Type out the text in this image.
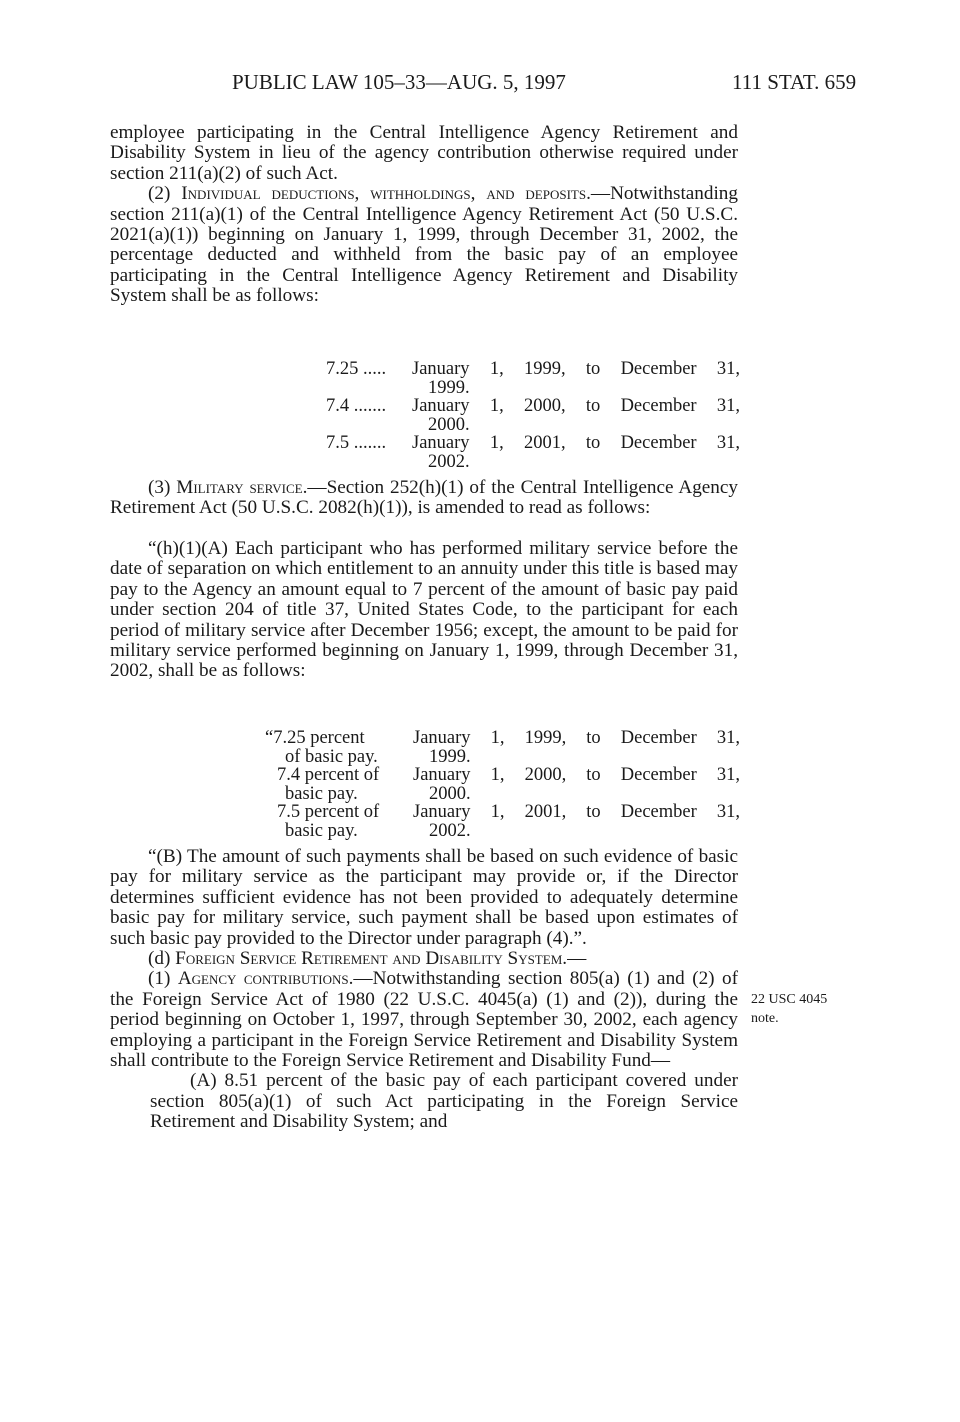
PUBLIC LAW 105–33—AUG. 5, 1997	111 STAT. 659

employee participating in the Central Intelligence Agency Retirement and Disability System in lieu of the agency contribution otherwise required under section 211(a)(2) of such Act.

(2) Individual deductions, withholdings, and deposits.—Notwithstanding section 211(a)(1) of the Central Intelligence Agency Retirement Act (50 U.S.C. 2021(a)(1)) beginning on January 1, 1999, through December 31, 2002, the percentage deducted and withheld from the basic pay of an employee participating in the Central Intelligence Agency Retirement and Disability System shall be as follows:

7.25 ..... January 1, 1999, to December 31,
1999.
7.4 ....... January 1, 2000, to December 31,
2000.
7.5 ....... January 1, 2001, to December 31,
2002.

(3) Military service.—Section 252(h)(1) of the Central Intelligence Agency Retirement Act (50 U.S.C. 2082(h)(1)), is amended to read as follows:

“(h)(1)(A) Each participant who has performed military service before the date of separation on which entitlement to an annuity under this title is based may pay to the Agency an amount equal to 7 percent of the amount of basic pay paid under section 204 of title 37, United States Code, to the participant for each period of military service after December 1956; except, the amount to be paid for military service performed beginning on January 1, 1999, through December 31, 2002, shall be as follows:

“7.25 percent
of basic pay.
January 1, 1999, to December 31,
1999.
7.4 percent of
basic pay.
January 1, 2000, to December 31,
2000.
7.5 percent of
basic pay.
January 1, 2001, to December 31,
2002.

“(B) The amount of such payments shall be based on such evidence of basic pay for military service as the participant may provide or, if the Director determines sufficient evidence has not been provided to adequately determine basic pay for military service, such payment shall be based upon estimates of such basic pay provided to the Director under paragraph (4).”.

(d) Foreign Service Retirement and Disability System.—

(1) Agency contributions.—Notwithstanding section 805(a) (1) and (2) of the Foreign Service Act of 1980 (22 U.S.C. 4045(a) (1) and (2)), during the period beginning on October 1, 1997, through September 30, 2002, each agency employing a participant in the Foreign Service Retirement and Disability System shall contribute to the Foreign Service Retirement and Disability Fund—

(A) 8.51 percent of the basic pay of each participant covered under section 805(a)(1) of such Act participating in the Foreign Service Retirement and Disability System; and

22 USC 4045
note.
